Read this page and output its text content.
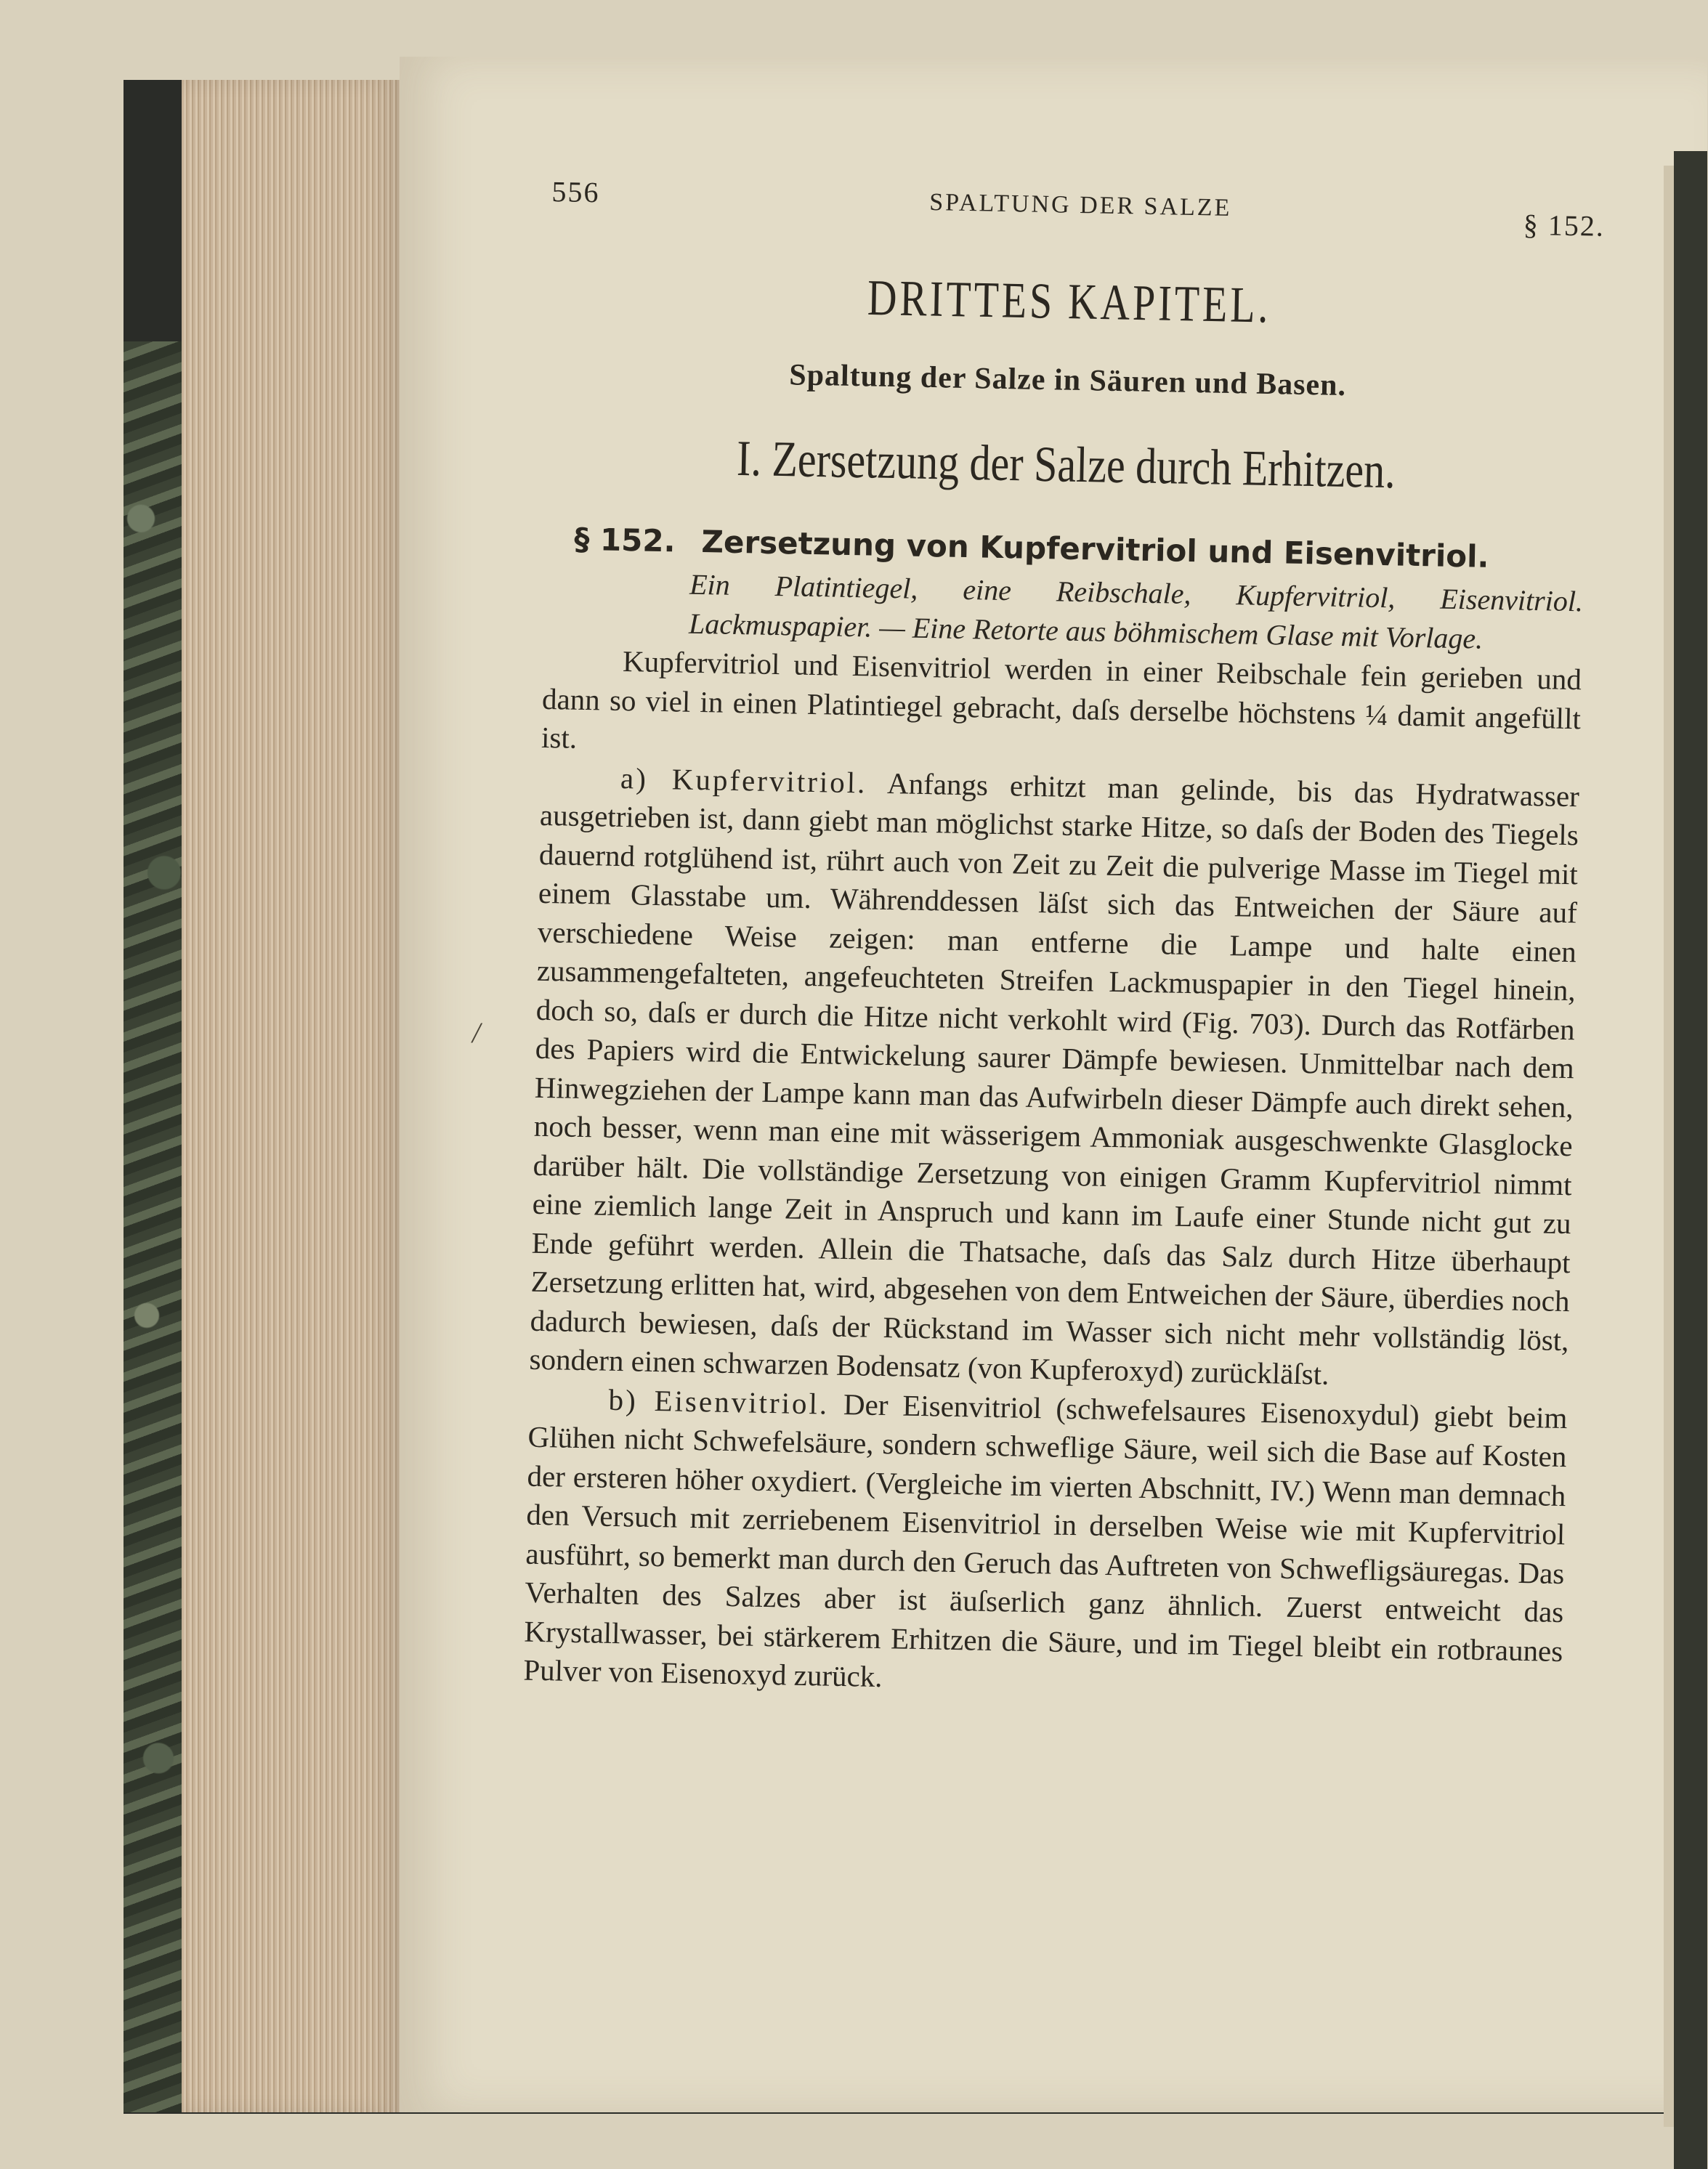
/
556	SPALTUNG DER SALZE
§ 152.
DRITTES KAPITEL.
Spaltung der Salze in Säuren und Basen.
I. Zersetzung der Salze durch Erhitzen.
§ 152. Zersetzung von Kupfervitriol und Eisenvitriol.
Ein Platintiegel, eine Reibschale, Kupfervitriol, Eisenvitriol. Lackmuspapier. — Eine Retorte aus böhmischem Glase mit Vorlage.

Kupfervitriol und Eisenvitriol werden in einer Reibschale fein gerieben und dann so viel in einen Platintiegel gebracht, daſs derselbe höchstens ¼ damit angefüllt ist.

a) Kupfervitriol. Anfangs erhitzt man gelinde, bis das Hydratwasser ausgetrieben ist, dann giebt man möglichst starke Hitze, so daſs der Boden des Tiegels dauernd rotglühend ist, rührt auch von Zeit zu Zeit die pulverige Masse im Tiegel mit einem Glasstabe um. Währenddessen läſst sich das Entweichen der Säure auf verschiedene Weise zeigen: man entferne die Lampe und halte einen zusammengefalteten, angefeuchteten Streifen Lackmuspapier in den Tiegel hinein, doch so, daſs er durch die Hitze nicht verkohlt wird (Fig. 703). Durch das Rotfärben des Papiers wird die Entwickelung saurer Dämpfe bewiesen. Unmittelbar nach dem Hinwegziehen der Lampe kann man das Aufwirbeln dieser Dämpfe auch direkt sehen, noch besser, wenn man eine mit wässerigem Ammoniak ausgeschwenkte Glasglocke darüber hält. Die vollständige Zersetzung von einigen Gramm Kupfervitriol nimmt eine ziemlich lange Zeit in Anspruch und kann im Laufe einer Stunde nicht gut zu Ende geführt werden. Allein die Thatsache, daſs das Salz durch Hitze überhaupt Zersetzung erlitten hat, wird, abgesehen von dem Entweichen der Säure, überdies noch dadurch bewiesen, daſs der Rückstand im Wasser sich nicht mehr vollständig löst, sondern einen schwarzen Bodensatz (von Kupferoxyd) zurückläſst.

b) Eisenvitriol. Der Eisenvitriol (schwefelsaures Eisenoxydul) giebt beim Glühen nicht Schwefelsäure, sondern schweflige Säure, weil sich die Base auf Kosten der ersteren höher oxydiert. (Vergleiche im vierten Abschnitt, IV.) Wenn man demnach den Versuch mit zerriebenem Eisenvitriol in derselben Weise wie mit Kupfervitriol ausführt, so bemerkt man durch den Geruch das Auftreten von Schwefligsäuregas. Das Verhalten des Salzes aber ist äuſserlich ganz ähnlich. Zuerst entweicht das Krystallwasser, bei stärkerem Erhitzen die Säure, und im Tiegel bleibt ein rotbraunes Pulver von Eisenoxyd zurück.
